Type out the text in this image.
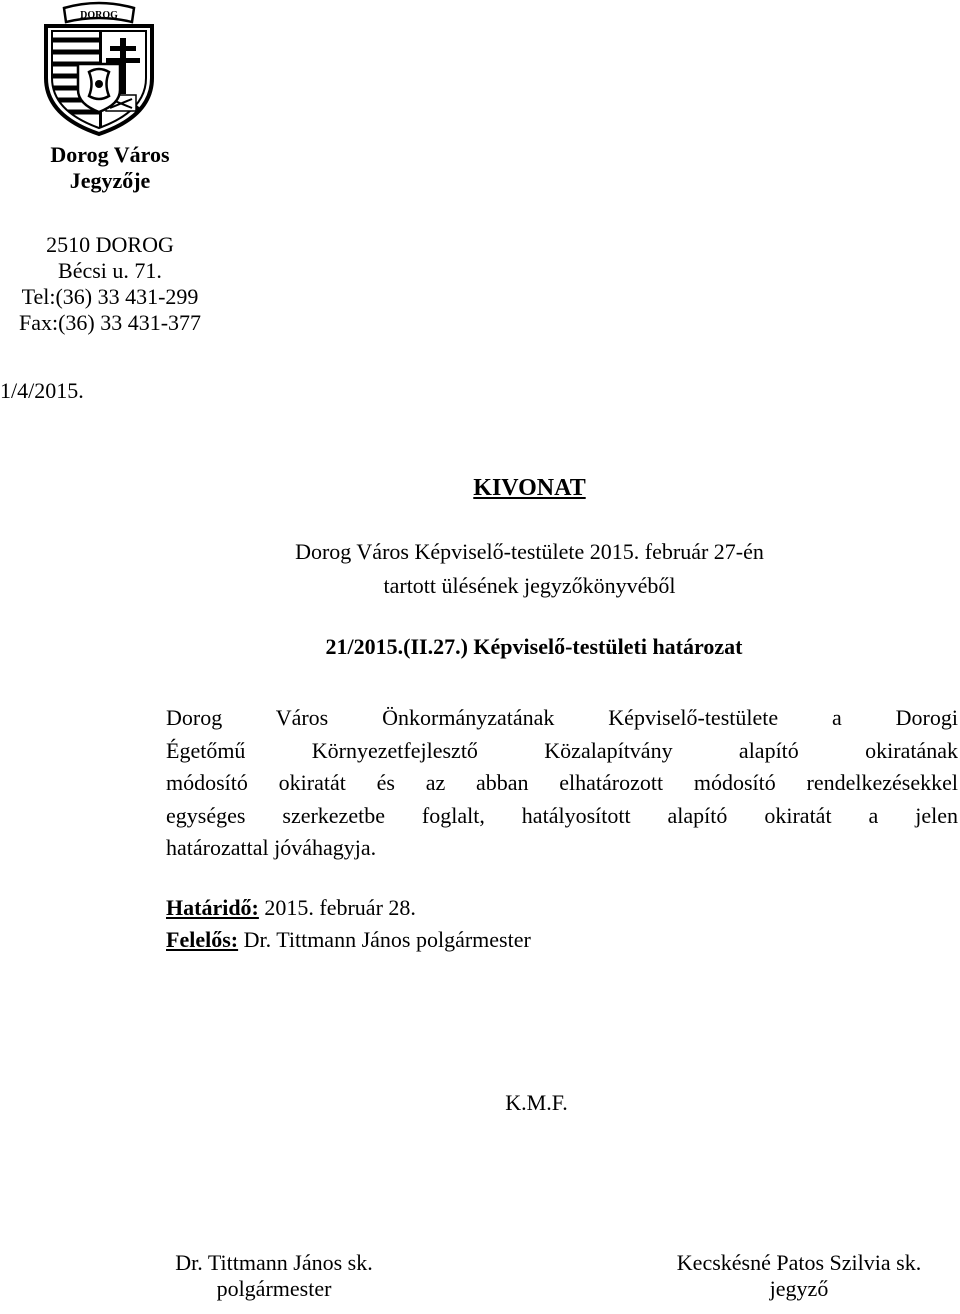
DOROG
Dorog Város
Jegyzője
2510 DOROG
Bécsi u. 71.
Tel:(36) 33 431-299
Fax:(36) 33 431-377
1/4/2015.
KIVONAT
Dorog Város Képviselő-testülete 2015. február 27-én
tartott ülésének jegyzőkönyvéből
21/2015.(II.27.) Képviselő-testületi határozat
Dorog Város Önkormányzatának Képviselő-testülete a Dorogi
Égetőmű Környezetfejlesztő Közalapítvány alapító okiratának
módosító okiratát és az abban elhatározott módosító rendelkezésekkel
egységes szerkezetbe foglalt, hatályosított alapító okiratát a jelen
határozattal jóváhagyja.
Határidő: 2015. február 28.
Felelős: Dr. Tittmann János polgármester
K.M.F.
Dr. Tittmann János sk.
polgármester
Kecskésné Patos Szilvia sk.
jegyző
